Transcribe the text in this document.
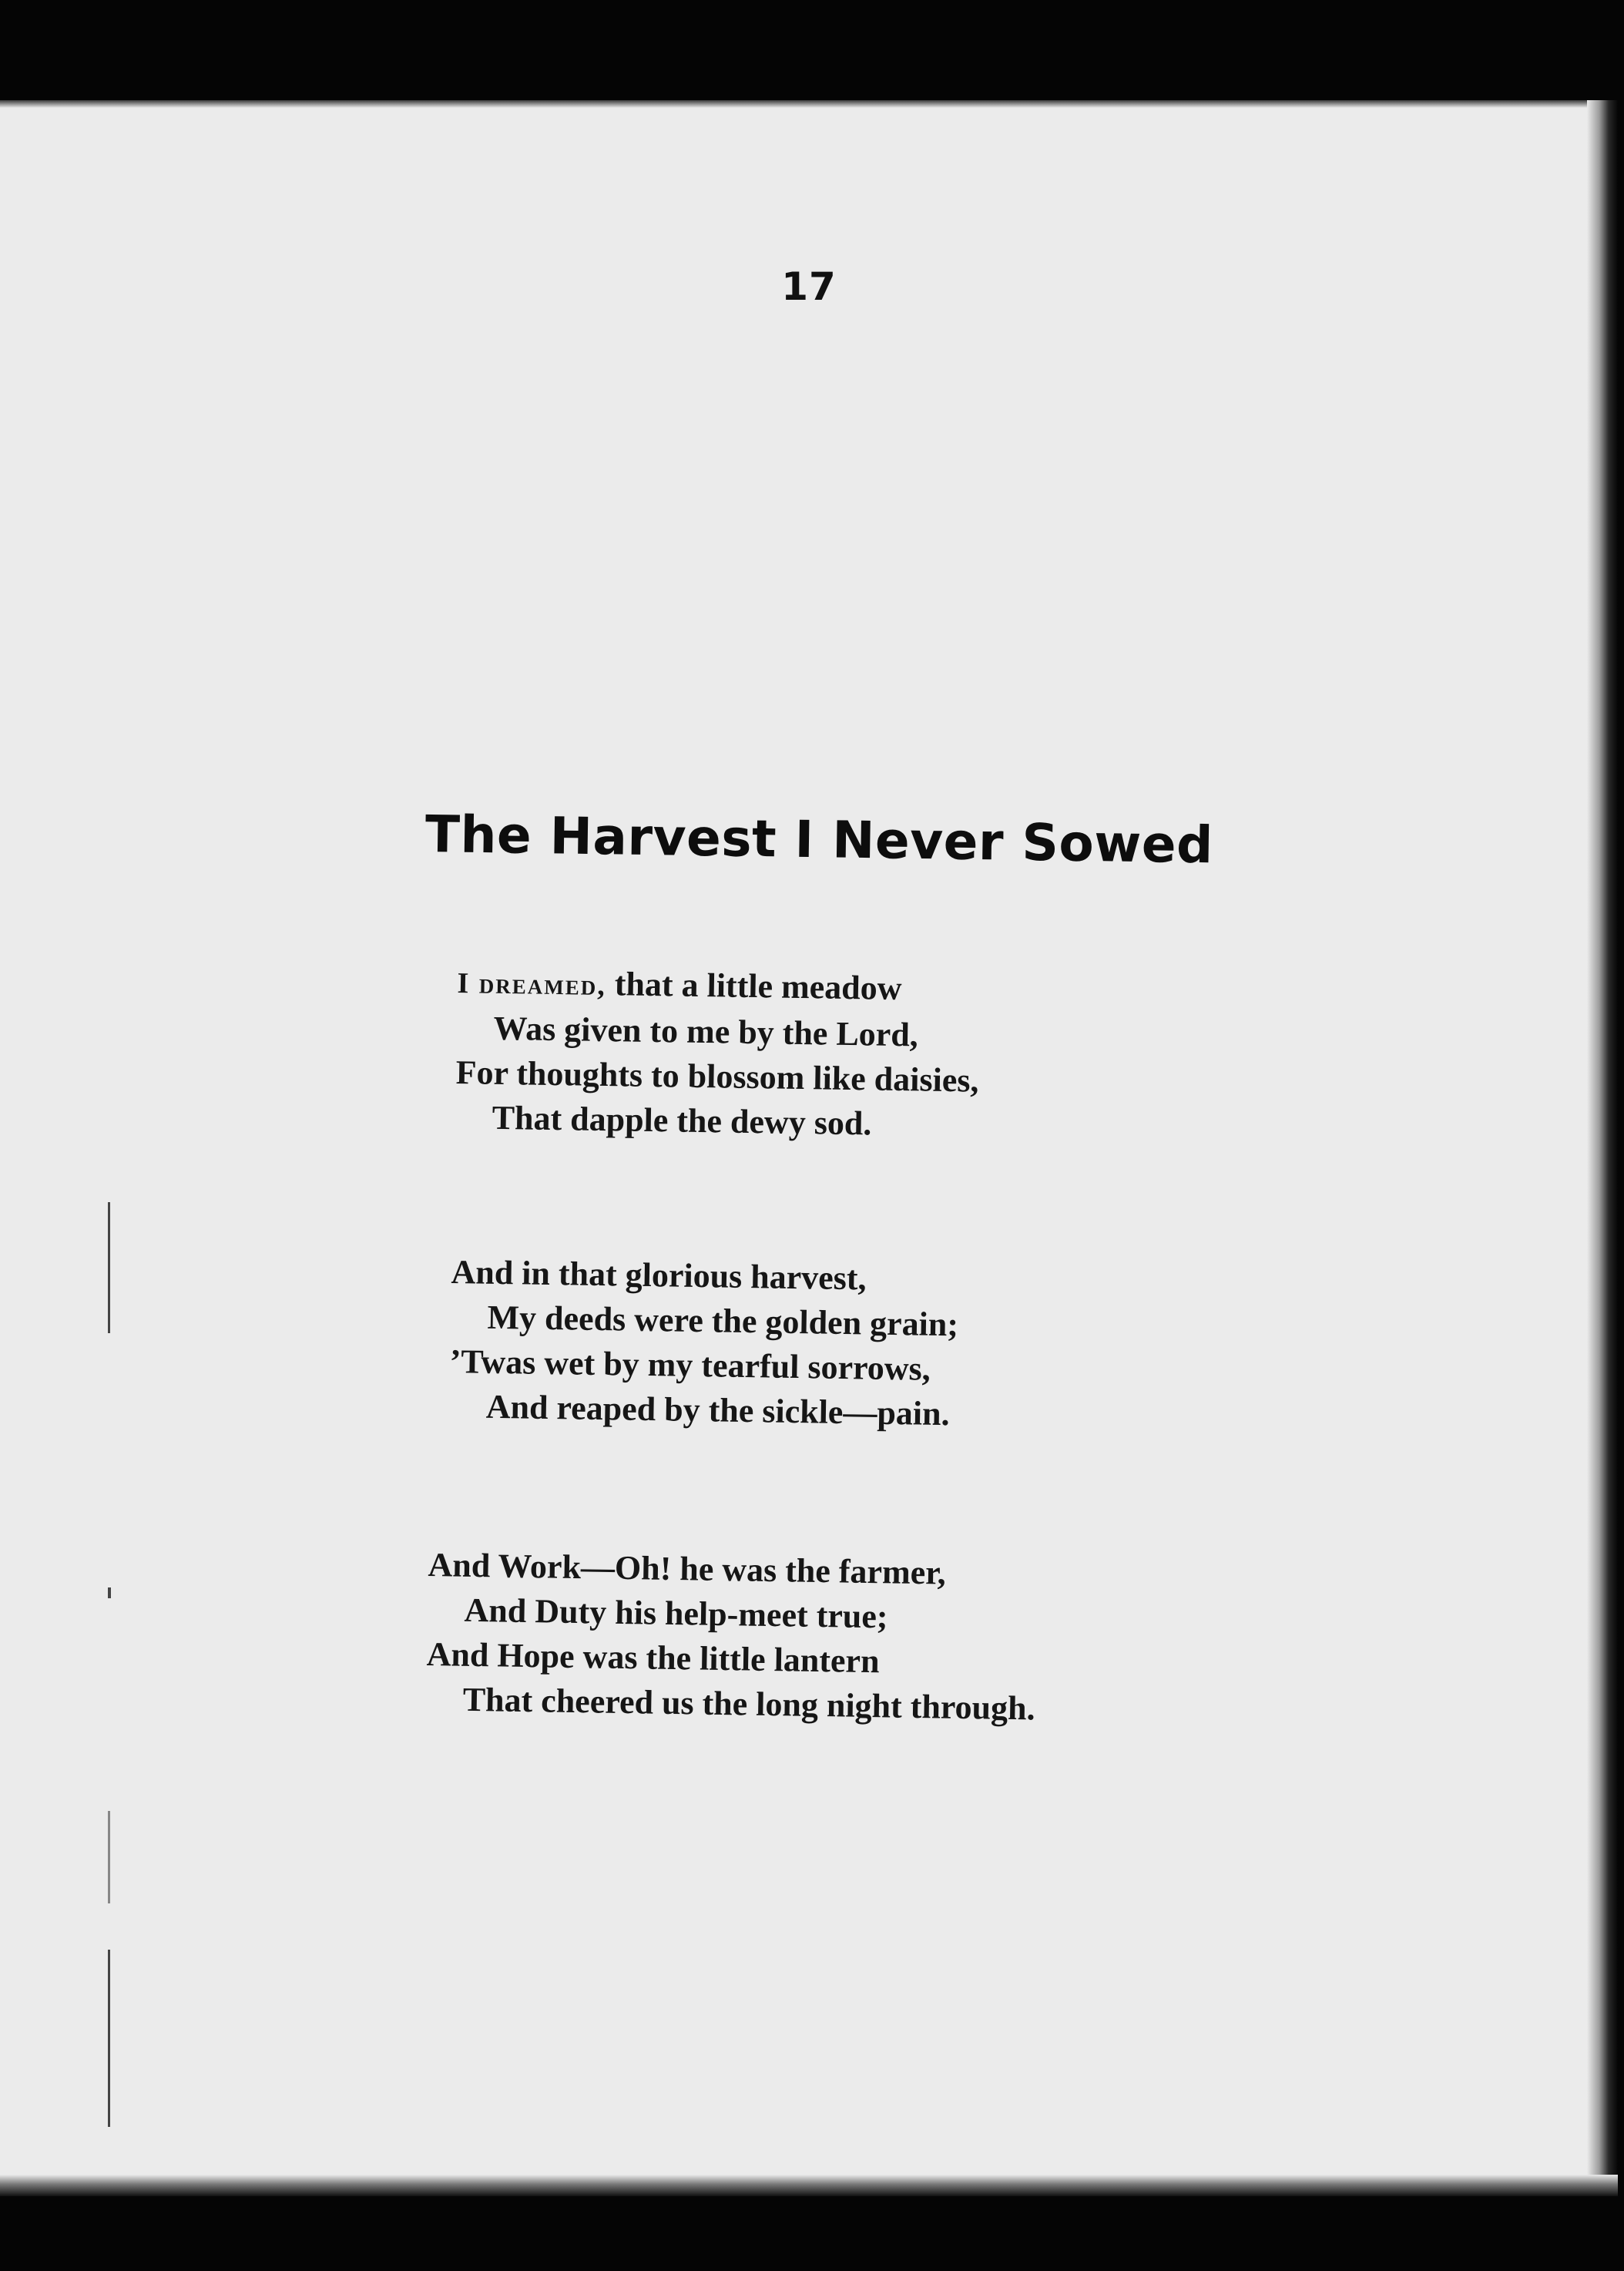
17
The Harvest I Never Sowed
I dreamed, that a little meadow
Was given to me by the Lord,
For thoughts to blossom like daisies,
That dapple the dewy sod.
And in that glorious harvest,
My deeds were the golden grain;
’Twas wet by my tearful sorrows,
And reaped by the sickle—pain.
And Work—Oh! he was the farmer,
And Duty his help-meet true;
And Hope was the little lantern
That cheered us the long night through.
